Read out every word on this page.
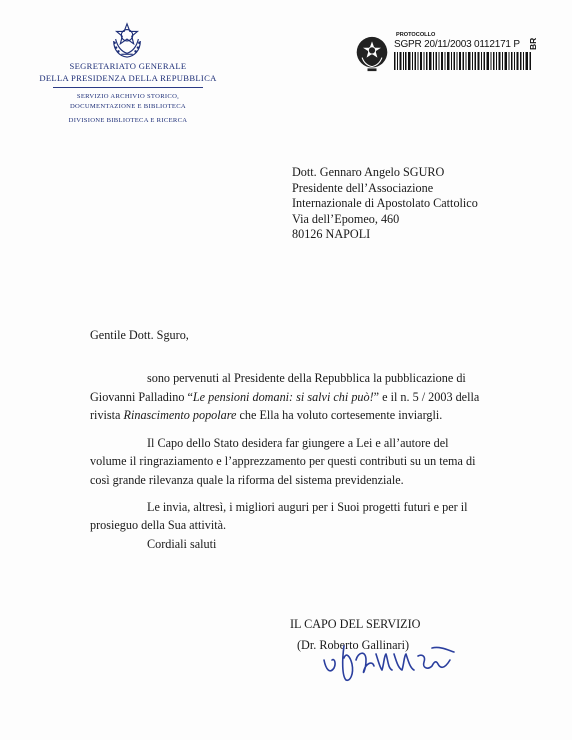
SEGRETARIATO GENERALE
DELLA PRESIDENZA DELLA REPUBBLICA
SERVIZIO ARCHIVIO STORICO,
DOCUMENTAZIONE E BIBLIOTECA
DIVISIONE BIBLIOTECA E RICERCA
PROTOCOLLO
SGPR 20/11/2003 0112171 P BR
Dott. Gennaro Angelo SGURO
Presidente dell’Associazione
Internazionale di Apostolato Cattolico
Via dell’Epomeo, 460
80126 NAPOLI
Gentile Dott. Sguro,
sono pervenuti al Presidente della Repubblica la pubblicazione di
Giovanni Palladino “Le pensioni domani: si salvi chi può!” e il n. 5 / 2003 della
rivista Rinascimento popolare che Ella ha voluto cortesemente inviargli.
Il Capo dello Stato desidera far giungere a Lei e all’autore del
volume il ringraziamento e l’apprezzamento per questi contributi su un tema di
così grande rilevanza quale la riforma del sistema previdenziale.
Le invia, altresì, i migliori auguri per i Suoi progetti futuri e per il
prosieguo della Sua attività.
Cordiali saluti
IL CAPO DEL SERVIZIO
(Dr. Roberto Gallinari)
